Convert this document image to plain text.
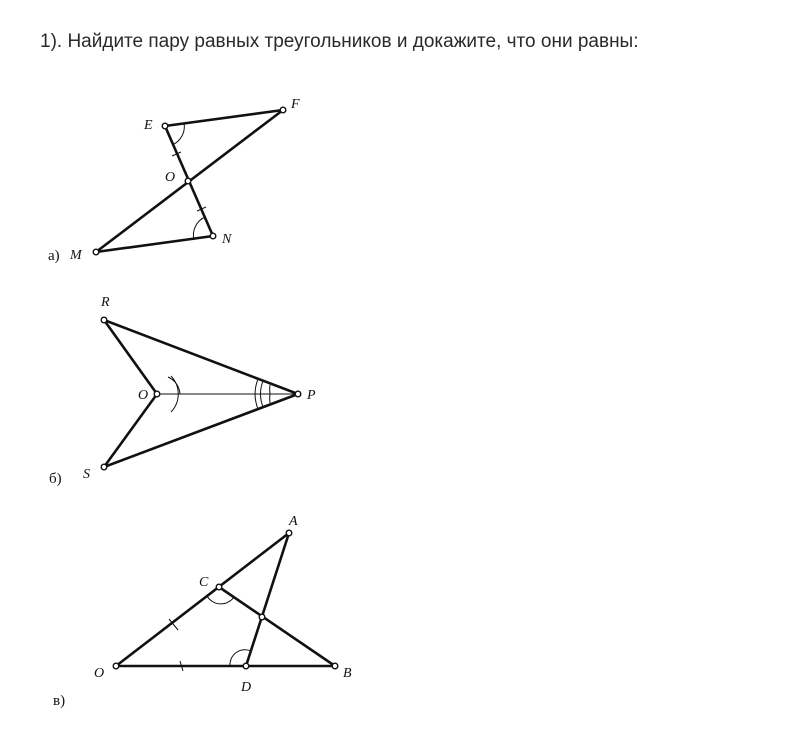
1). Найдите пару равных треугольников и докажите, что они равны:
E
F
O
M
N
а)
R
O	P
S
б)
A
C
O
D
B
в)
